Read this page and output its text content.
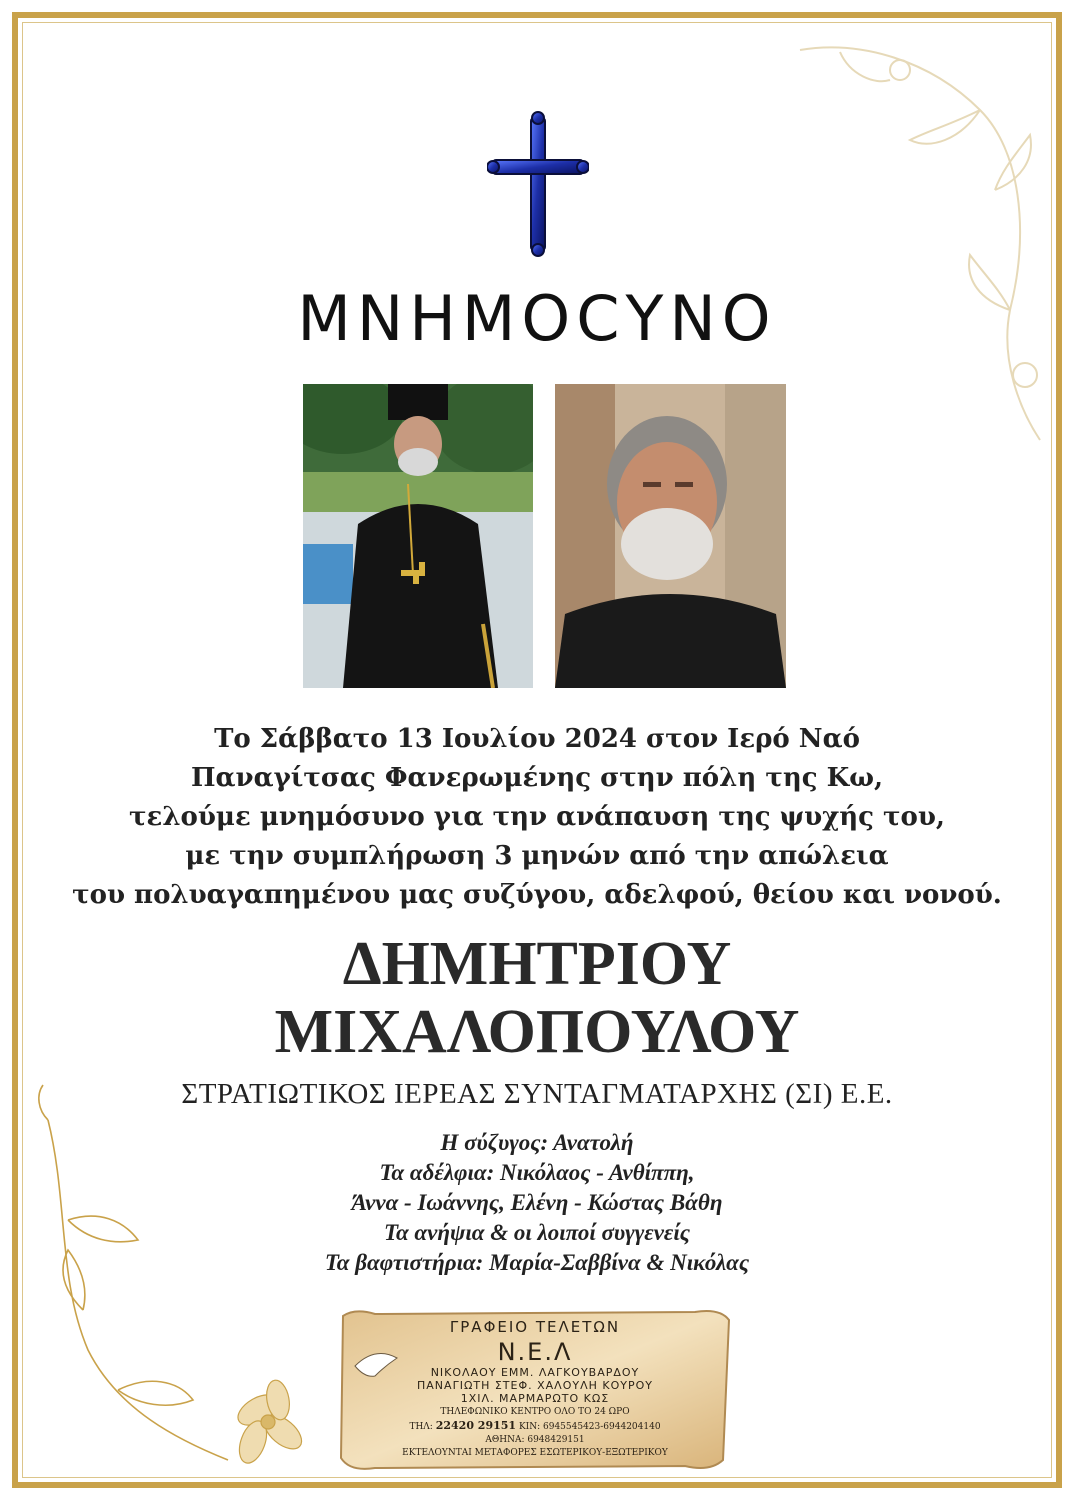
ΜΝΗΜΟϹΥΝΟ
Το Σάββατο 13 Ιουλίου 2024 στον Ιερό Ναό
Παναγίτσας Φανερωμένης στην πόλη της Κω,
τελούμε μνημόσυνο για την ανάπαυση της ψυχής του,
με την συμπλήρωση 3 μηνών από την απώλεια
του πολυαγαπημένου μας συζύγου, αδελφού, θείου και νονού.
ΔΗΜΗΤΡΙΟΥ
ΜΙΧΑΛΟΠΟΥΛΟΥ
ΣΤΡΑΤΙΩΤΙΚΟΣ ΙΕΡΕΑΣ ΣΥΝΤΑΓΜΑΤΑΡΧΗΣ (ΣΙ) Ε.Ε.
Η σύζυγος: Ανατολή
Τα αδέλφια: Νικόλαος - Ανθίππη,
Άννα - Ιωάννης, Ελένη - Κώστας Βάθη
Τα ανήψια & οι λοιποί συγγενείς
Τα βαφτιστήρια: Μαρία-Σαββίνα & Νικόλας
ΓΡΑΦΕΙΟ ΤΕΛΕΤΩΝ
Ν.Ε.Λ
ΝΙΚΟΛΑΟΥ ΕΜΜ. ΛΑΓΚΟΥΒΑΡΔΟΥ
ΠΑΝΑΓΙΩΤΗ ΣΤΕΦ. ΧΑΛΟΥΛΗ ΚΟΥΡΟΥ
1ΧΙΛ. ΜΑΡΜΑΡΩΤΟ ΚΩΣ
ΤΗΛΕΦΩΝΙΚΟ ΚΕΝΤΡΟ ΟΛΟ ΤΟ 24 ΩΡΟ
ΤΗΛ: 22420 29151 ΚΙΝ: 6945545423-6944204140
ΑΘΗΝΑ: 6948429151
ΕΚΤΕΛΟΥΝΤΑΙ ΜΕΤΑΦΟΡΕΣ ΕΣΩΤΕΡΙΚΟΥ-ΕΞΩΤΕΡΙΚΟΥ
